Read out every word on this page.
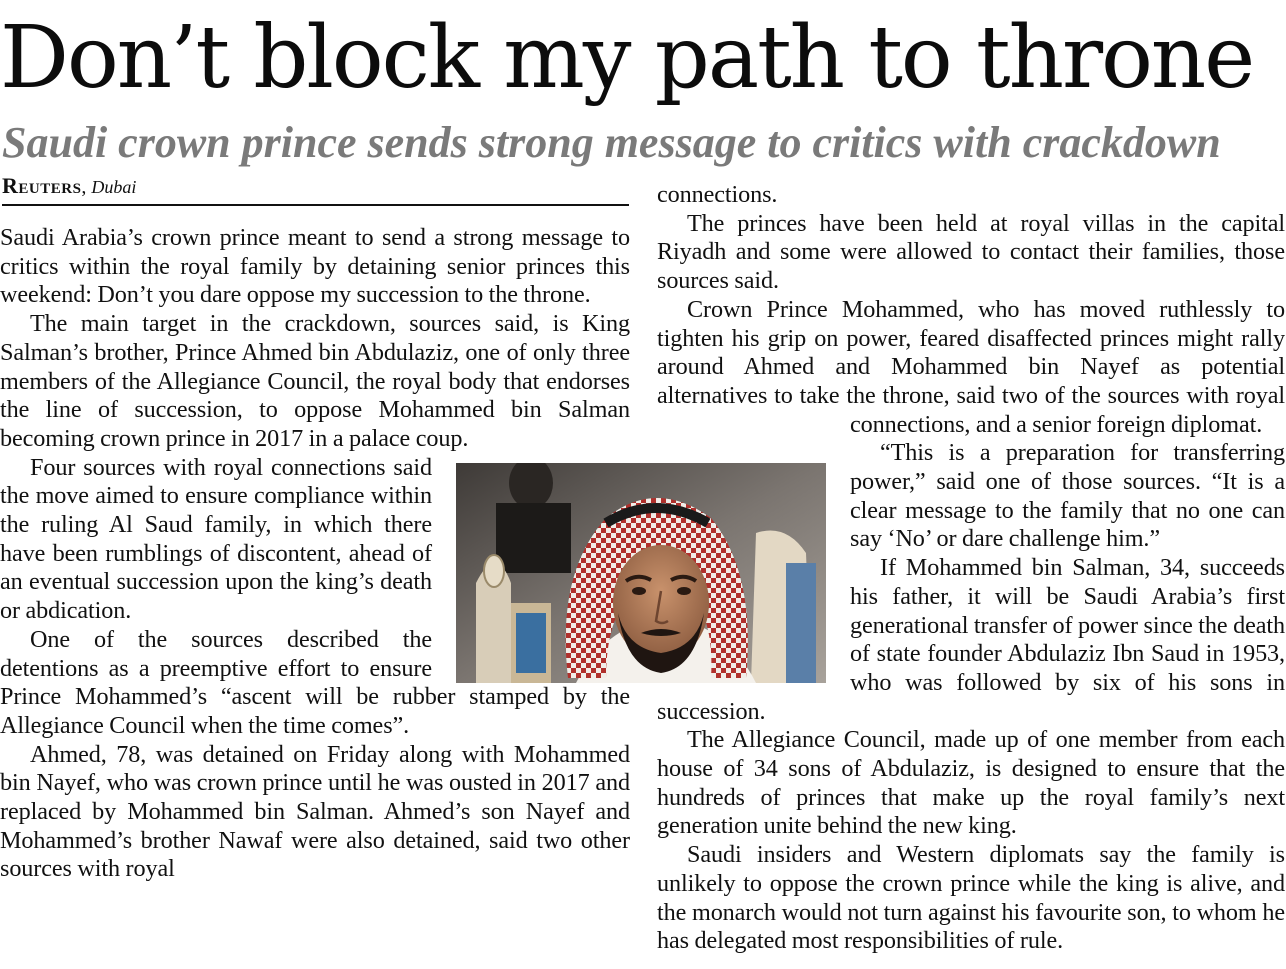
Don’t block my path to throne
Saudi crown prince sends strong message to critics with crackdown
Reuters, Dubai

Saudi Arabia’s crown prince meant to send a strong message to critics within the royal family by detaining senior princes this weekend: Don’t you dare oppose my succession to the throne.

The main target in the crackdown, sources said, is King Salman’s brother, Prince Ahmed bin Abdulaziz, one of only three members of the Allegiance Council, the royal body that endorses the line of succession, to oppose Mohammed bin Salman becoming crown prince in 2017 in a palace coup.

Four sources with royal connections said the move aimed to ensure compliance within the ruling Al Saud family, in which there have been rumblings of discontent, ahead of an eventual succession upon the king’s death or abdication.

One of the sources described the detentions as a preemptive effort to ensure Prince Mohammed’s “ascent will be rubber stamped by the Allegiance Council when the time comes”.

Ahmed, 78, was detained on Friday along with Mohammed bin Nayef, who was crown prince until he was ousted in 2017 and replaced by Mohammed bin Salman. Ahmed’s son Nayef and Mohammed’s brother Nawaf were also detained, said two other sources with royal

connections.

The princes have been held at royal villas in the capital Riyadh and some were allowed to contact their families, those sources said.

Crown Prince Mohammed, who has moved ruthlessly to tighten his grip on power, feared disaffected princes might rally around Ahmed and Mohammed bin Nayef as potential alternatives to take the throne, said two of the sources with royal connections, and a senior foreign diplomat.

“This is a preparation for transferring power,” said one of those sources. “It is a clear message to the family that no one can say ‘No’ or dare challenge him.”

If Mohammed bin Salman, 34, succeeds his father, it will be Saudi Arabia’s first generational transfer of power since the death of state founder Abdulaziz Ibn Saud in 1953, who was followed by six of his sons in succession.

The Allegiance Council, made up of one member from each house of 34 sons of Abdulaziz, is designed to ensure that the hundreds of princes that make up the royal family’s next generation unite behind the new king.

Saudi insiders and Western diplomats say the family is unlikely to oppose the crown prince while the king is alive, and the monarch would not turn against his favourite son, to whom he has delegated most responsibilities of rule.
